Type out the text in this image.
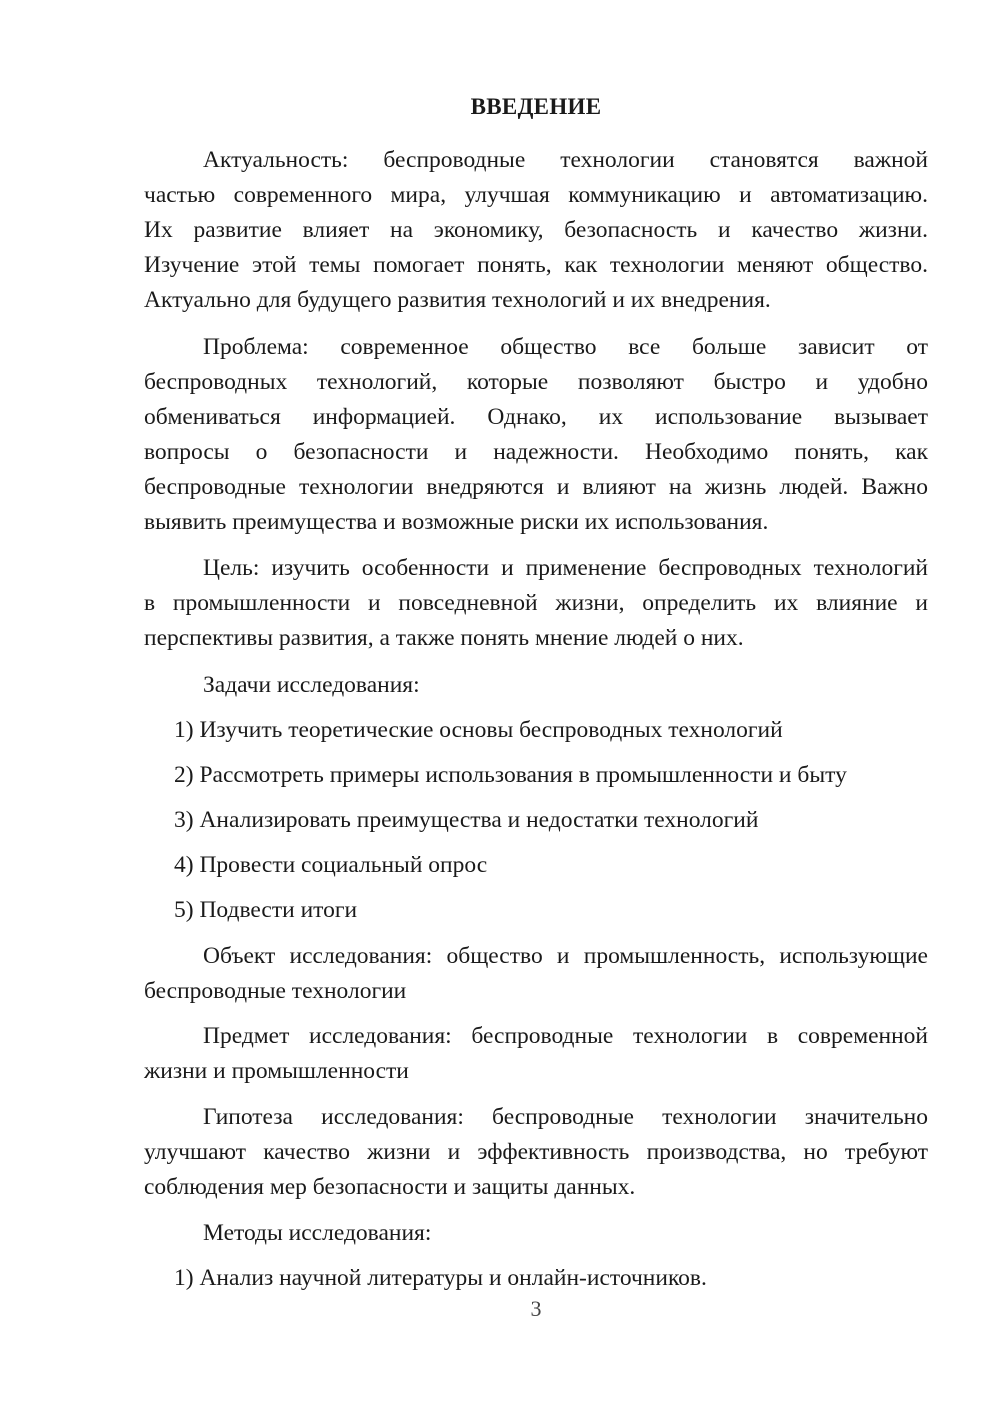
ВВЕДЕНИЕ
Актуальность: беспроводные технологии становятся важной
частью современного мира, улучшая коммуникацию и автоматизацию.
Их развитие влияет на экономику, безопасность и качество жизни.
Изучение этой темы помогает понять, как технологии меняют общество.
Актуально для будущего развития технологий и их внедрения.
Проблема: современное общество все больше зависит от
беспроводных технологий, которые позволяют быстро и удобно
обмениваться информацией. Однако, их использование вызывает
вопросы о безопасности и надежности. Необходимо понять, как
беспроводные технологии внедряются и влияют на жизнь людей. Важно
выявить преимущества и возможные риски их использования.
Цель: изучить особенности и применение беспроводных технологий
в промышленности и повседневной жизни, определить их влияние и
перспективы развития, а также понять мнение людей о них.
Задачи исследования:
1) Изучить теоретические основы беспроводных технологий
2) Рассмотреть примеры использования в промышленности и быту
3) Анализировать преимущества и недостатки технологий
4) Провести социальный опрос
5) Подвести итоги
Объект исследования: общество и промышленность, использующие
беспроводные технологии
Предмет исследования: беспроводные технологии в современной
жизни и промышленности
Гипотеза исследования: беспроводные технологии значительно
улучшают качество жизни и эффективность производства, но требуют
соблюдения мер безопасности и защиты данных.
Методы исследования:
1) Анализ научной литературы и онлайн-источников.
3
